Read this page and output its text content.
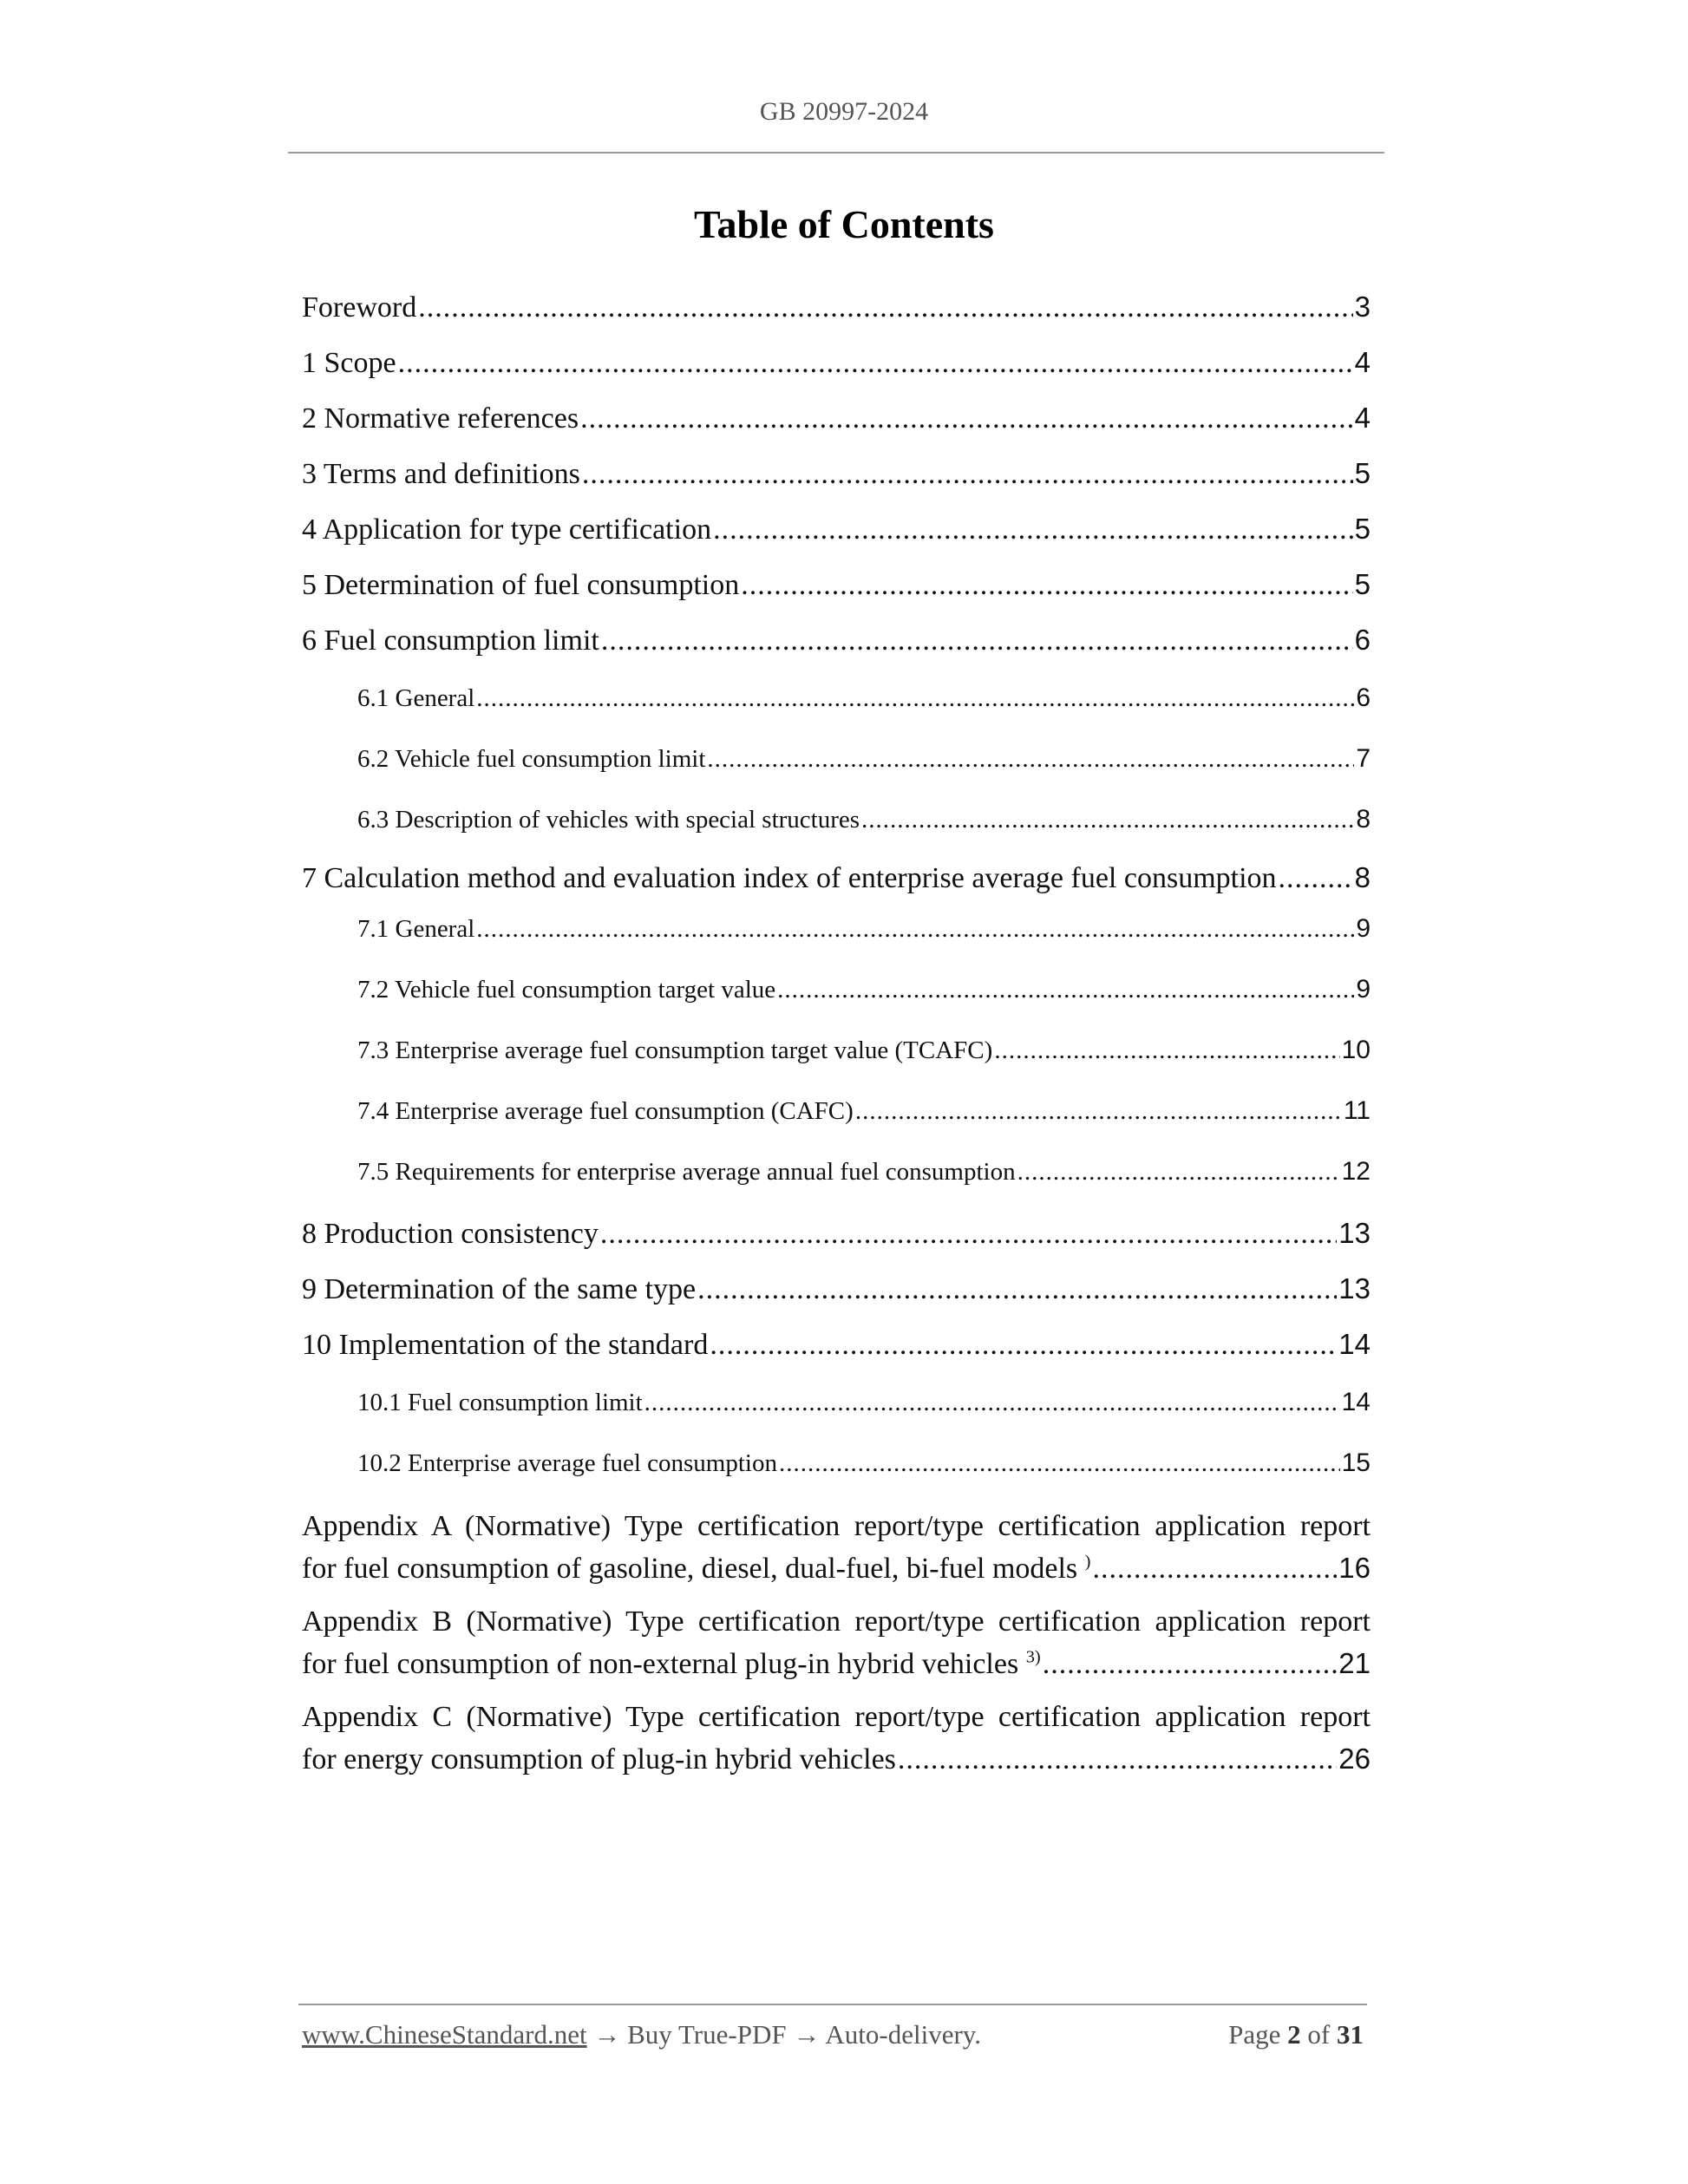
GB 20997-2024
Table of Contents
Foreword .....	3
1 Scope .....	4
2 Normative references .....	4
3 Terms and definitions .....	5
4 Application for type certification .....	5
5 Determination of fuel consumption .....	5
6 Fuel consumption limit .....	6
6.1 General .....	6
6.2 Vehicle fuel consumption limit .....	7
6.3 Description of vehicles with special structures .....	8
7 Calculation method and evaluation index of enterprise average fuel consumption .....	8
7.1 General .....	9
7.2 Vehicle fuel consumption target value .....	9
7.3 Enterprise average fuel consumption target value (TCAFC) .....	10
7.4 Enterprise average fuel consumption (CAFC) .....	11
7.5 Requirements for enterprise average annual fuel consumption .....	12
8 Production consistency .....	13
9 Determination of the same type .....	13
10 Implementation of the standard .....	14
10.1 Fuel consumption limit .....	14
10.2 Enterprise average fuel consumption .....	15
Appendix A (Normative) Type certification report/type certification application report
for fuel consumption of gasoline, diesel, dual-fuel, bi-fuel models ) .....	16
Appendix B (Normative) Type certification report/type certification application report
for fuel consumption of non-external plug-in hybrid vehicles $^{3)}$ .....	21
Appendix C (Normative) Type certification report/type certification application report
for energy consumption of plug-in hybrid vehicles .....	26
www.ChineseStandard.net → Buy True-PDF → Auto-delivery.	Page 2 of 31
